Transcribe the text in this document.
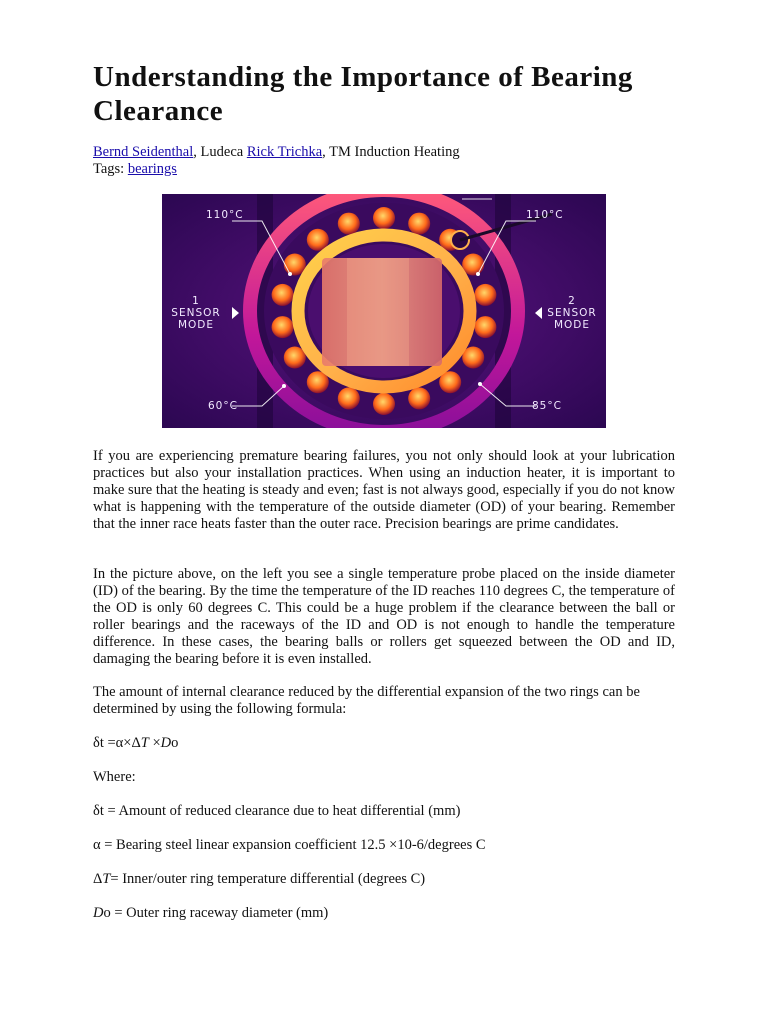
Understanding the Importance of Bearing Clearance
Bernd Seidenthal, Ludeca Rick Trichka, TM Induction Heating
Tags: bearings
110°C	110°C
1
SENSOR
MODE
2
SENSOR
MODE
60°C	85°C

If you are experiencing premature bearing failures, you not only should look at your lubrication practices but also your installation practices. When using an induction heater, it is important to make sure that the heating is steady and even; fast is not always good, especially if you do not know what is happening with the temperature of the outside diameter (OD) of your bearing. Remember that the inner race heats faster than the outer race. Precision bearings are prime candidates.

In the picture above, on the left you see a single temperature probe placed on the inside diameter (ID) of the bearing. By the time the temperature of the ID reaches 110 degrees C, the temperature of the OD is only 60 degrees C. This could be a huge problem if the clearance between the ball or roller bearings and the raceways of the ID and OD is not enough to handle the temperature difference. In these cases, the bearing balls or rollers get squeezed between the OD and ID, damaging the bearing before it is even installed.

The amount of internal clearance reduced by the differential expansion of the two rings can be determined by using the following formula:

δt =α×ΔT ×Do

Where:

δt = Amount of reduced clearance due to heat differential (mm)

α = Bearing steel linear expansion coefficient 12.5 ×10-6/degrees C

ΔT= Inner/outer ring temperature differential (degrees C)

Do = Outer ring raceway diameter (mm)
